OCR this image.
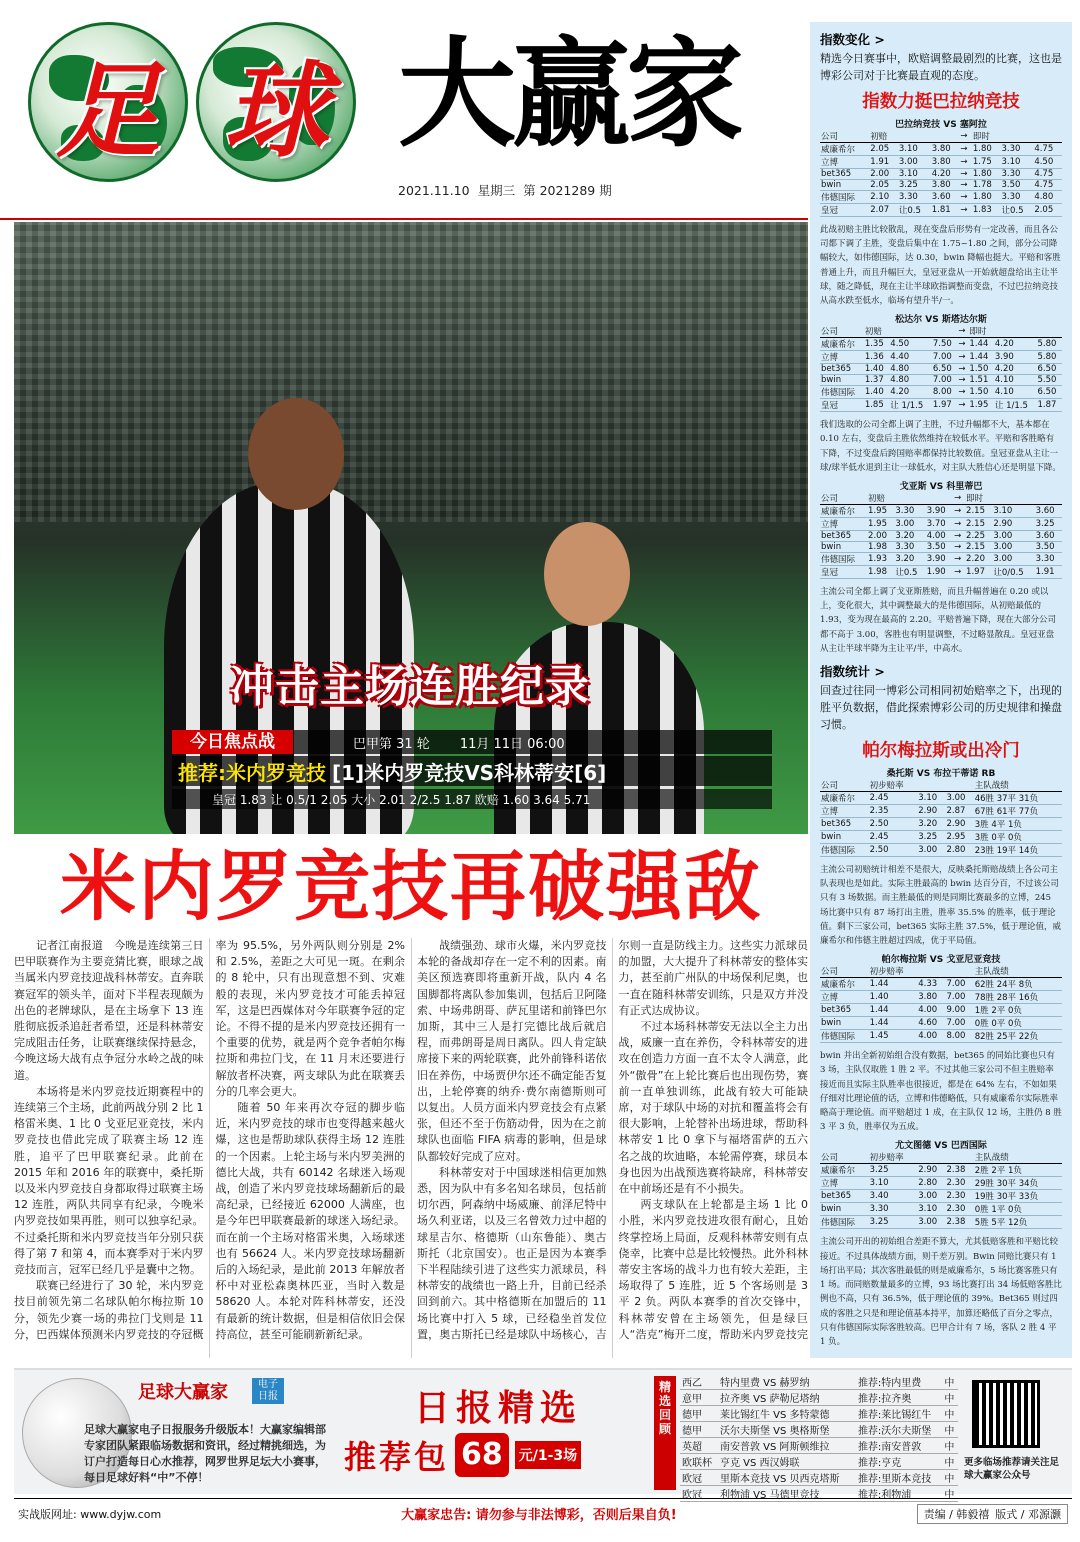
足 球 大赢家
2021.11.10 星期三 第 2021289 期
冲击主场连胜纪录
今日焦点战	巴甲第 31 轮 11月 11日 06:00
推荐:米内罗竞技 [1]米内罗竞技VS科林蒂安[6]
皇冠 1.83 让 0.5/1 2.05 大小 2.01 2/2.5 1.87 欧赔 1.60 3.64 5.71
米内罗竞技再破强敌

记者江南报道　今晚是连续第三日巴甲联赛作为主要竞猜比赛，眼球之战当属米内罗竞技迎战科林蒂安。直奔联赛冠军的领头羊，面对下半程表现颇为出色的老牌球队，是在主场拿下 13 连胜彻底扳杀追赶者希望，还是科林蒂安完成阻击任务，让联赛继续保持悬念，今晚这场大战有点争冠分水岭之战的味道。

本场将是米内罗竞技近期赛程中的连续第三个主场，此前两战分别 2 比 1 格雷米奥、1 比 0 戈亚尼亚竞技，米内罗竞技也借此完成了联赛主场 12 连胜，追平了巴甲联赛纪录。此前在 2015 年和 2016 年的联赛中，桑托斯以及米内罗竞技自身都取得过联赛主场 12 连胜，两队共同享有纪录，今晚米内罗竞技如果再胜，则可以独享纪录。不过桑托斯和米内罗竞技当年分别只获得了第 7 和第 4，而本赛季对于米内罗竞技而言，冠军已经几乎是囊中之物。

联赛已经进行了 30 轮，米内罗竞技目前领先第二名球队帕尔梅拉斯 10 分，领先少赛一场的弗拉门戈则是 11 分，巴西媒体预测米内罗竞技的夺冠概率为 95.5%，另外两队则分别是 2%和 2.5%，差距之大可见一斑。在剩余的 8 轮中，只有出现意想不到、灾难般的表现，米内罗竞技才可能丢掉冠军，这是巴西媒体对今年联赛争冠的定论。不得不提的是米内罗竞技还拥有一个重要的优势，就是两个竞争者帕尔梅拉斯和弗拉门戈，在 11 月末还要进行解放者杯决赛，两支球队为此在联赛丢分的几率会更大。

随着 50 年来再次夺冠的脚步临近，米内罗竞技的球市也变得越来越火爆，这也是帮助球队获得主场 12 连胜的一个因素。上轮主场与米内罗美洲的德比大战，共有 60142 名球迷入场观战，创造了米内罗竞技球场翻新后的最高纪录，已经接近 62000 人满座，也是今年巴甲联赛最新的球迷入场纪录。而在前一个主场对格雷米奥，入场球迷也有 56624 人。米内罗竞技球场翻新后的入场纪录，是此前 2013 年解放者杯中对亚松森奥林匹亚，当时入数是 58620 人。本轮对阵科林蒂安，还没有最新的统计数据，但是相信依旧会保持高位，甚至可能刷新新纪录。

战绩强劲、球市火爆，米内罗竞技本轮的备战却存在一定不利的因素。南美区预选赛即将重新开战，队内 4 名国脚都将离队参加集训，包括后卫阿隆索、中场弗朗哥、萨瓦里诺和前锋巴尔加斯，其中三人是打完德比战后就启程，而弗朗哥是周日离队。四人肯定缺席接下来的两轮联赛，此外前锋科诺依旧在养伤，中场贾伊尔还不确定能否复出，上轮停赛的纳乔·费尔南德斯则可以复出。人员方面米内罗竞技会有点紧张，但还不至于伤筋动骨，因为在之前球队也面临 FIFA 病毒的影响，但是球队都较好完成了应对。

科林蒂安对于中国球迷相信更加熟悉，因为队中有多名知名球员，包括前切尔西，阿森纳中场威廉、前泽尼特中场久利亚诺，以及三名曾效力过中超的球星吉尔、格德斯（山东鲁能）、奥古斯托（北京国安）。也正是因为本赛季下半程陆续引进了这些实力派球员，科林蒂安的战绩也一路上升，目前已经杀回到前六。其中格德斯在加盟后的 11 场比赛中打入 5 球，已经稳坐首发位置，奥古斯托已经是球队中场核心，吉尔则一直是防线主力。这些实力派球员的加盟，大大提升了科林蒂安的整体实力，甚至前广州队的中场保利尼奥，也一直在随科林蒂安训练，只是双方并没有正式达成协议。

不过本场科林蒂安无法以全主力出战，威廉一直在养伤，令科林蒂安的进攻在创造力方面一直不太令人满意，此外“傲骨”在上轮比赛后也出现伤势，赛前一直单独训练，此战有较大可能缺席，对于球队中场的对抗和覆盖将会有很大影响，上轮替补出场进球，帮助科林蒂安 1 比 0 拿下与福塔雷萨的五六名之战的坎迪略，本轮需停赛，球员本身也因为出战预选赛将缺席，科林蒂安在中前场还是有不小损失。

两支球队在上轮都是主场 1 比 0 小胜，米内罗竞技进攻很有耐心，且始终掌控场上局面，反观科林蒂安则有点侥幸，比赛中总是比较慢热。此外科林蒂安主客场的战斗力也有较大差距，主场取得了 5 连胜，近 5 个客场则是 3 平 2 负。两队本赛季的首次交锋中，科林蒂安曾在主场领先，但是绿巨人“浩克”梅开二度，帮助米内罗竞技完

指数变化 >
精选今日赛事中，欧赔调整最剧烈的比赛，这也是博彩公司对于比赛最直观的态度。
指数力挺巴拉纳竞技
巴拉纳竞技 VS 塞阿拉
公司	初赔			→	即时		
威廉希尔	2.05	3.10	3.80	→	1.80	3.30	4.75
立博	1.91	3.00	3.80	→	1.75	3.10	4.50
bet365	2.00	3.10	4.20	→	1.80	3.30	4.75
bwin	2.05	3.25	3.80	→	1.78	3.50	4.75
伟德国际	2.10	3.30	3.60	→	1.80	3.30	4.80
皇冠	2.07	让0.5	1.81	→	1.83	让0.5	2.05
此战初赔主胜比较散乱，现在变盘后形势有一定改善，而且各公司都下调了主胜，变盘后集中在 1.75~1.80 之间，部分公司降幅较大，如伟德国际，达 0.30，bwin 降幅也挺大。平赔和客胜普通上升，而且升幅巨大，皇冠亚盘从一开始就超盘给出主让半球，随之降低，现在主让半球欧指调整而变盘，不过巴拉纳竞技从高水跌至低水，临场有望升半/一。
松达尔 VS 斯塔达尔斯
公司	初赔			→	即时		
威廉希尔	1.35	4.50	7.50	→	1.44	4.20	5.80
立博	1.36	4.40	7.00	→	1.44	3.90	5.80
bet365	1.40	4.80	6.50	→	1.50	4.20	6.50
bwin	1.37	4.80	7.00	→	1.51	4.10	5.50
伟德国际	1.40	4.20	8.00	→	1.50	4.10	6.50
皇冠	1.85	让 1/1.5	1.97	→	1.95	让 1/1.5	1.87
我们选取的公司全都上调了主胜，不过升幅都不大，基本都在 0.10 左右，变盘后主胜依然维持在较低水平。平赔和客胜略有下降，不过变盘后跨国赔率都保持比较数值。皇冠亚盘从主让一球/球半低水退到主让一球低水，对主队大胜信心还是明显下降。
戈亚斯 VS 科里蒂巴
公司	初赔			→	即时		
威廉希尔	1.95	3.30	3.90	→	2.15	3.10	3.60
立博	1.95	3.00	3.70	→	2.15	2.90	3.25
bet365	2.00	3.20	4.00	→	2.25	3.00	3.60
bwin	1.98	3.30	3.50	→	2.15	3.00	3.50
伟德国际	1.93	3.20	3.90	→	2.20	3.00	3.30
皇冠	1.98	让0.5	1.90	→	1.97	让0/0.5	1.91
主流公司全都上调了戈亚斯胜赔，而且升幅普遍在 0.20 或以上，变化很大，其中调整最大的是伟德国际，从初赔最低的 1.93，变为现在最高的 2.20。平赔普遍下降，现在大部分公司都不高于 3.00，客胜也有明显调整，不过略显散乱。皇冠亚盘从主让半球半降为主让平/半，中高水。
指数统计 >
回查过往同一博彩公司相同初始赔率之下，出现的胜平负数据，借此探索博彩公司的历史规律和操盘习惯。
帕尔梅拉斯或出冷门
桑托斯 VS 布拉干蒂诺 RB
公司	初步赔率			主队战绩
威廉希尔	2.45	3.10	3.00	46胜 37平 31负
立博	2.35	2.90	2.87	67胜 61平 77负
bet365	2.50	3.20	2.90	3胜 4平 1负
bwin	2.45	3.25	2.95	3胜 0平 0负
伟德国际	2.50	3.00	2.80	23胜 19平 14负
主流公司初赔统计相差不是很大，反映桑托斯赔战绩上各公司主队表现也是如此。实际主胜最高的 bwin 达百分百，不过该公司只有 3 场数据。而主胜最低的则是同期比赛最多的立博，245 场比赛中只有 87 场打出主胜，胜率 35.5% 的胜率，低于理论值。剩下三家公司，bet365 实际主胜 37.5%，低于理论值，威廉希尔和伟德主胜超过四成，优于平局值。
帕尔梅拉斯 VS 戈亚尼亚竞技
公司	初步赔率			主队战绩
威廉希尔	1.44	4.33	7.00	62胜 24平 8负
立博	1.40	3.80	7.00	78胜 28平 16负
bet365	1.44	4.00	9.00	1胜 2平 0负
bwin	1.44	4.60	7.00	0胜 0平 0负
伟德国际	1.45	4.00	8.00	82胜 25平 22负
bwin 并出全新初始组合没有数据，bet365 的同始比赛也只有 3 场，主队仅取胜 1 胜 2 平。不过其他三家公司不但主胜赔率接近而且实际主队胜率也很接近，都是在 64% 左右，不如如果仔细对比理论值的话，立博和伟德略低，只有威廉希尔实际胜率略高于理论值。而平赔超过 1 成，在主队仅 12 场，主胜仍 8 胜 3 平 3 负，胜率仅为五成。
尤文图德 VS 巴西国际
公司	初步赔率			主队战绩
威廉希尔	3.25	2.90	2.38	2胜 2平 1负
立博	3.10	2.80	2.30	29胜 30平 34负
bet365	3.40	3.00	2.30	19胜 30平 33负
bwin	3.30	3.10	2.30	0胜 1平 0负
伟德国际	3.25	3.00	2.38	5胜 5平 12负
主流公司开出的初始组合差距不算大，尤其低赔客胜和平赔比较接近。不过具体战绩方面，则千差万别。Bwin 同赔比赛只有 1 场打出平局；其次客胜最低的则是威廉希尔，5 场比赛客胜只有 1 场。而同赔数量最多的立博，93 场比赛打出 34 场低赔客胜比例也不高，只有 36.5%，低于理论值的 39%。Bet365 则过四成的客胜之只是和理论值基本持平，加算还略低了百分之零点，只有伟德国际实际客胜较高。巴甲合计有 7 场，客队 2 胜 4 平 1 负。
足球大赢家	电子日报
足球大赢家电子日报服务升级版本！大赢家编辑部专家团队紧跟临场数据和资讯，经过精挑细选，为订户打造每日心水推荐，网罗世界足坛大小赛事，每日足球好料“中”不停！
日报精选
推荐包 68	元/1-3场
精选回顾
西乙	特内里费 VS 赫罗纳	推荐:特内里费	中
意甲	拉齐奥 VS 萨勒尼塔纳	推荐:拉齐奥	中
德甲	莱比锡红牛 VS 多特蒙德	推荐:莱比锡红牛	中
德甲	沃尔夫斯堡 VS 奥格斯堡	推荐:沃尔夫斯堡	中
英超	南安普敦 VS 阿斯顿维拉	推荐:南安普敦	中
欧联杯	亨克 VS 西汉姆联	推荐:亨克	中
欧冠	里斯本竞技 VS 贝西克塔斯	推荐:里斯本竞技	中
欧冠	利物浦 VS 马德里竞技	推荐:利物浦	中
更多临场推荐请关注足球大赢家公众号
实战版网址: www.dyjw.com	大赢家忠告: 请勿参与非法博彩，否则后果自负!	责编 / 韩毅禧 版式 / 邓源灏
